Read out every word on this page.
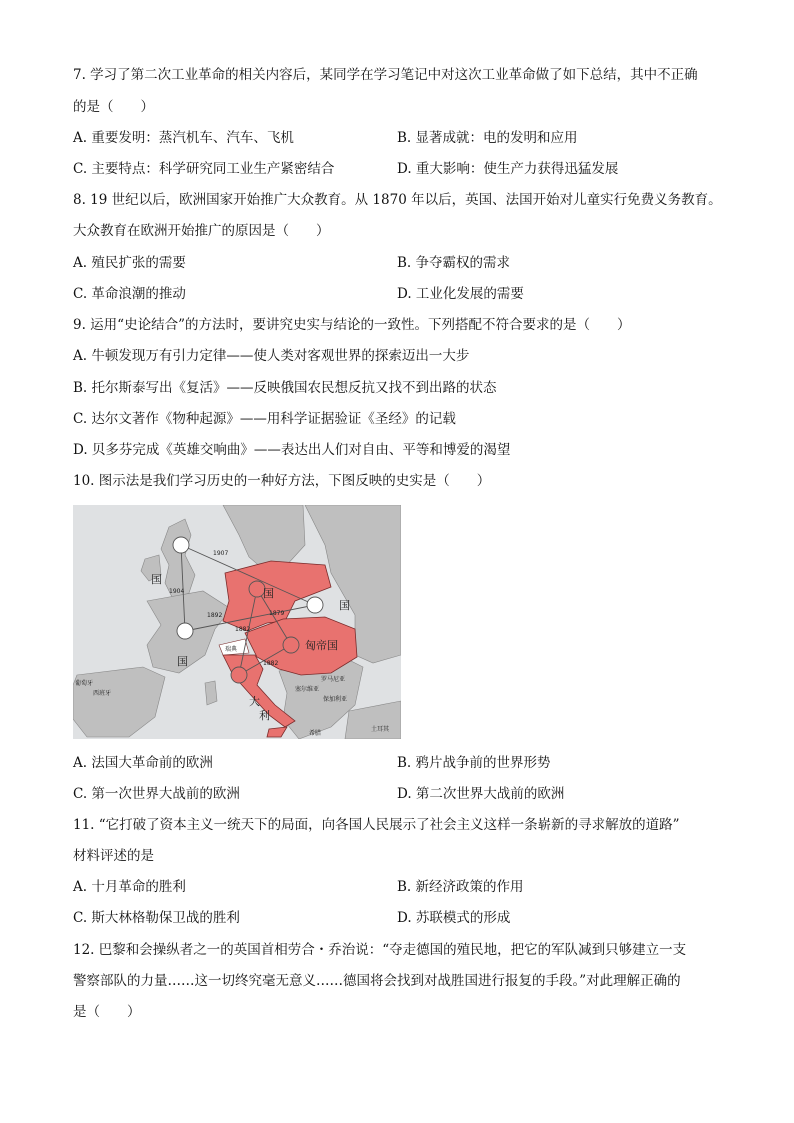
7. 学习了第二次工业革命的相关内容后，某同学在学习笔记中对这次工业革命做了如下总结，其中不正确
的是（　　）
A. 重要发明：蒸汽机车、汽车、飞机	B. 显著成就：电的发明和应用
C. 主要特点：科学研究同工业生产紧密结合	D. 重大影响：使生产力获得迅猛发展
8. 19 世纪以后，欧洲国家开始推广大众教育。从 1870 年以后，英国、法国开始对儿童实行免费义务教育。
大众教育在欧洲开始推广的原因是（　　）
A. 殖民扩张的需要	B. 争夺霸权的需求
C. 革命浪潮的推动	D. 工业化发展的需要
9. 运用“史论结合”的方法时，要讲究史实与结论的一致性。下列搭配不符合要求的是（　　）
A. 牛顿发现万有引力定律——使人类对客观世界的探索迈出一大步
B. 托尔斯泰写出《复活》——反映俄国农民想反抗又找不到出路的状态
C. 达尔文著作《物种起源》——用科学证据验证《圣经》的记载
D. 贝多芬完成《英雄交响曲》——表达出人们对自由、平等和博爱的渴望
10. 图示法是我们学习历史的一种好方法，下图反映的史实是（　　）
国
国
国
国
匈帝国
大
利
瑞典
西班牙
葡萄牙
罗马尼亚
保加利亚
土耳其
希腊
塞尔维亚
1907
1904
1892
1882
1879
1882
A. 法国大革命前的欧洲	B. 鸦片战争前的世界形势
C. 第一次世界大战前的欧洲	D. 第二次世界大战前的欧洲
11. “它打破了资本主义一统天下的局面，向各国人民展示了社会主义这样一条崭新的寻求解放的道路”
材料评述的是
A. 十月革命的胜利	B. 新经济政策的作用
C. 斯大林格勒保卫战的胜利	D. 苏联模式的形成
12. 巴黎和会操纵者之一的英国首相劳合・乔治说：“夺走德国的殖民地，把它的军队减到只够建立一支
警察部队的力量……这一切终究毫无意义……德国将会找到对战胜国进行报复的手段。”对此理解正确的
是（　　）
